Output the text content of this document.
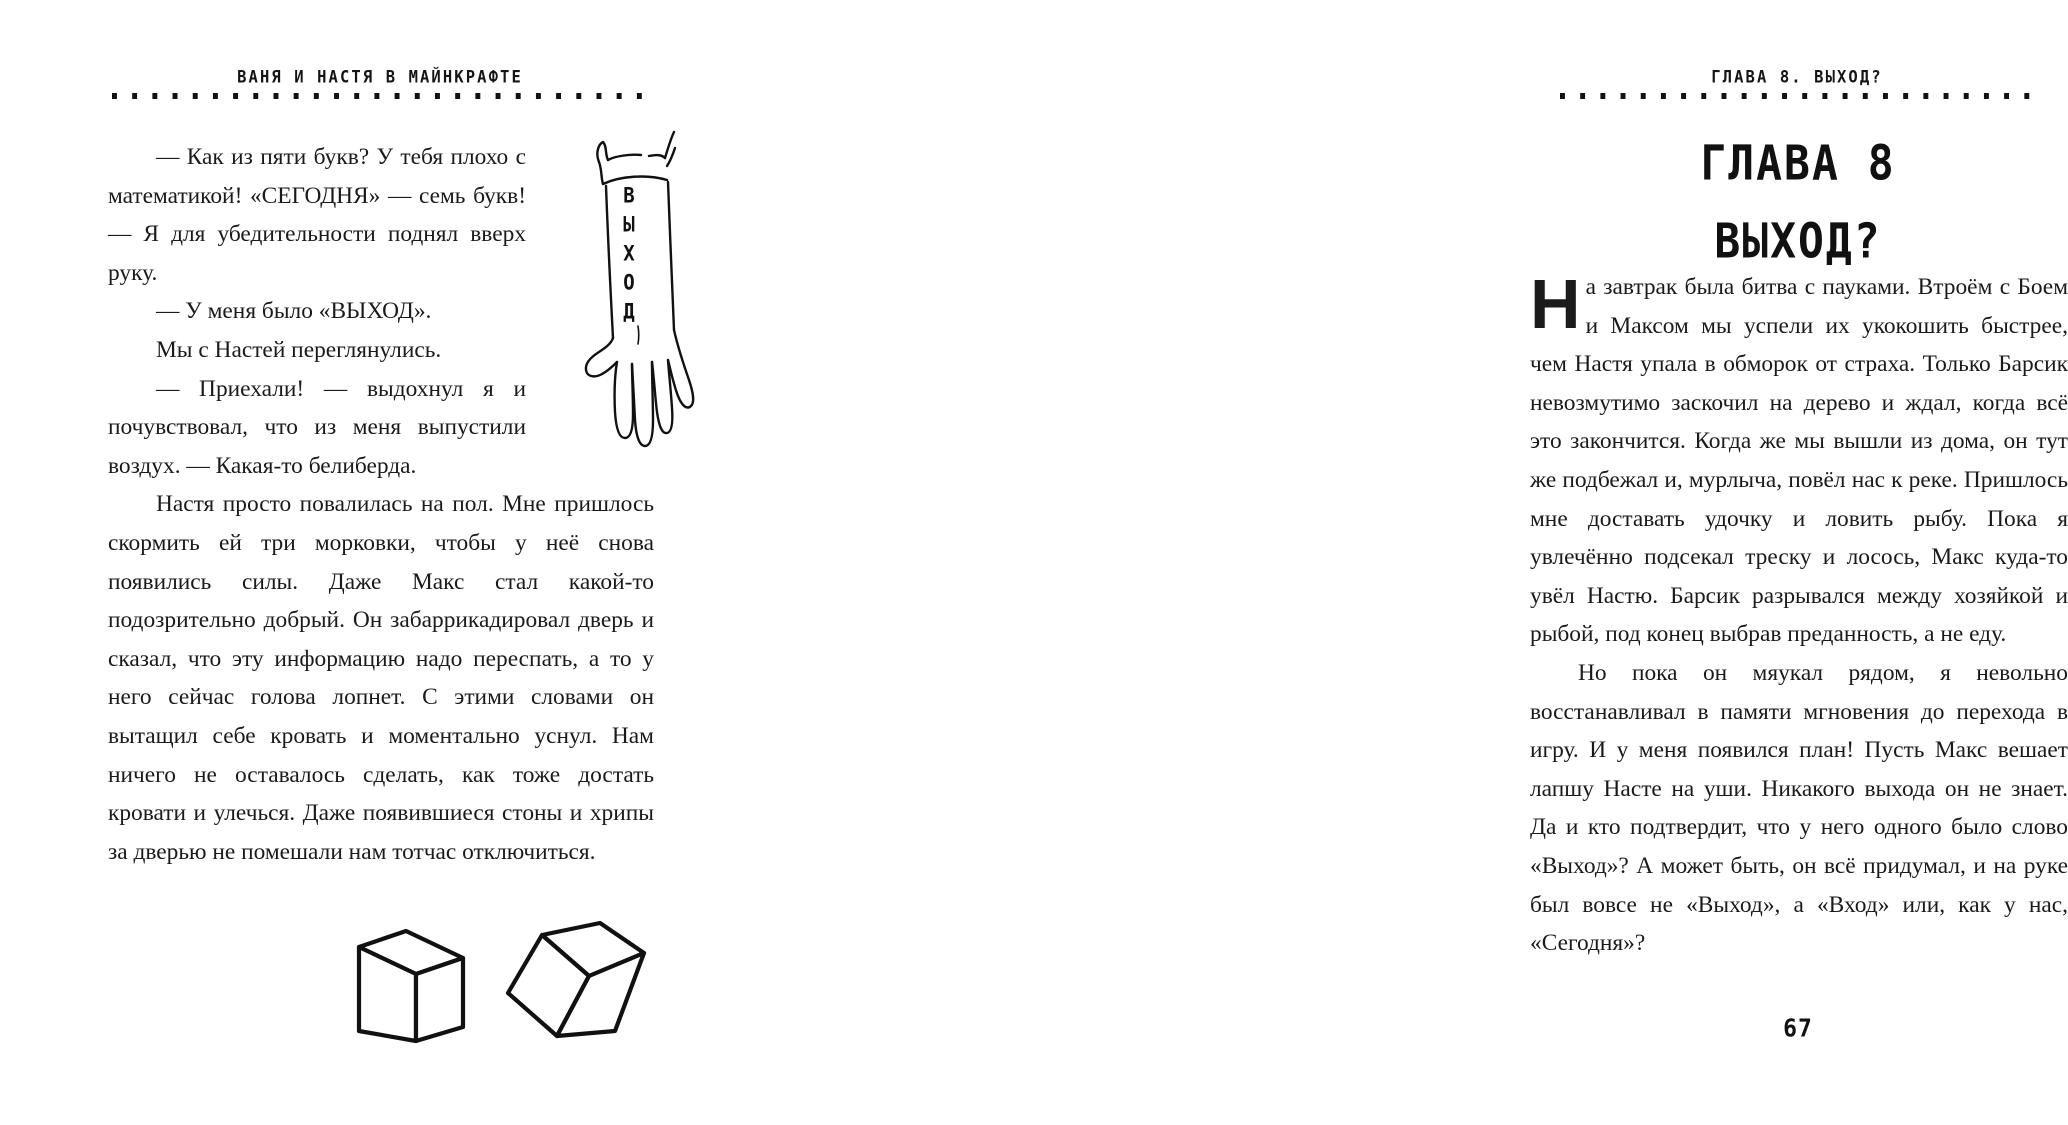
ВАНЯ И НАСТЯ В МАЙНКРАФТЕ
В
Ы
Х
О
Д

— Как из пяти букв? У тебя плохо с математикой! «СЕГОДНЯ» — семь букв! — Я для убедительности поднял вверх руку.

— У меня было «ВЫХОД».

Мы с Настей переглянулись.

— Приехали! — выдохнул я и почувствовал, что из меня выпустили воздух. — Какая-то белиберда.

Настя просто повалилась на пол. Мне пришлось скормить ей три морковки, чтобы у неё снова появились силы. Даже Макс стал какой-то подозрительно добрый. Он забаррикадировал дверь и сказал, что эту информацию надо переспать, а то у него сейчас голова лопнет. С этими словами он вытащил себе кровать и моментально уснул. Нам ничего не оставалось сделать, как тоже достать кровати и улечься. Даже появившиеся стоны и хрипы за дверью не помешали нам тотчас отключиться.

ГЛАВА 8. ВЫХОД?
ГЛАВА 8
ВЫХОД?

На завтрак была битва с пауками. Втроём с Боем и Максом мы успели их укокошить быстрее, чем Настя упала в обморок от страха. Только Барсик невозмутимо заскочил на дерево и ждал, когда всё это закончится. Когда же мы вышли из дома, он тут же подбежал и, мурлыча, повёл нас к реке. Пришлось мне доставать удочку и ловить рыбу. Пока я увлечённо подсекал треску и лосось, Макс куда-то увёл Настю. Барсик разрывался между хозяйкой и рыбой, под конец выбрав преданность, а не еду.

Но пока он мяукал рядом, я невольно восстанавливал в памяти мгновения до перехода в игру. И у меня появился план! Пусть Макс вешает лапшу Насте на уши. Никакого выхода он не знает. Да и кто подтвердит, что у него одного было слово «Выход»? А может быть, он всё придумал, и на руке был вовсе не «Выход», а «Вход» или, как у нас, «Сегодня»?

67
